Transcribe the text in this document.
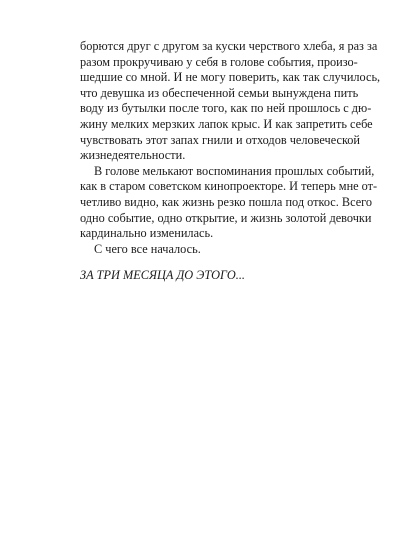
борются друг с другом за куски черствого хлеба, я раз за
разом прокручиваю у себя в голове события, произо-
шедшие со мной. И не могу поверить, как так случилось,
что девушка из обеспеченной семьи вынуждена пить
воду из бутылки после того, как по ней прошлось с дю-
жину мелких мерзких лапок крыс. И как запретить себе
чувствовать этот запах гнили и отходов человеческой
жизнедеятельности.
В голове мелькают воспоминания прошлых событий,
как в старом советском кинопроекторе. И теперь мне от-
четливо видно, как жизнь резко пошла под откос. Всего
одно событие, одно открытие, и жизнь золотой девочки
кардинально изменилась.
С чего все началось.
ЗА ТРИ МЕСЯЦА ДО ЭТОГО...
